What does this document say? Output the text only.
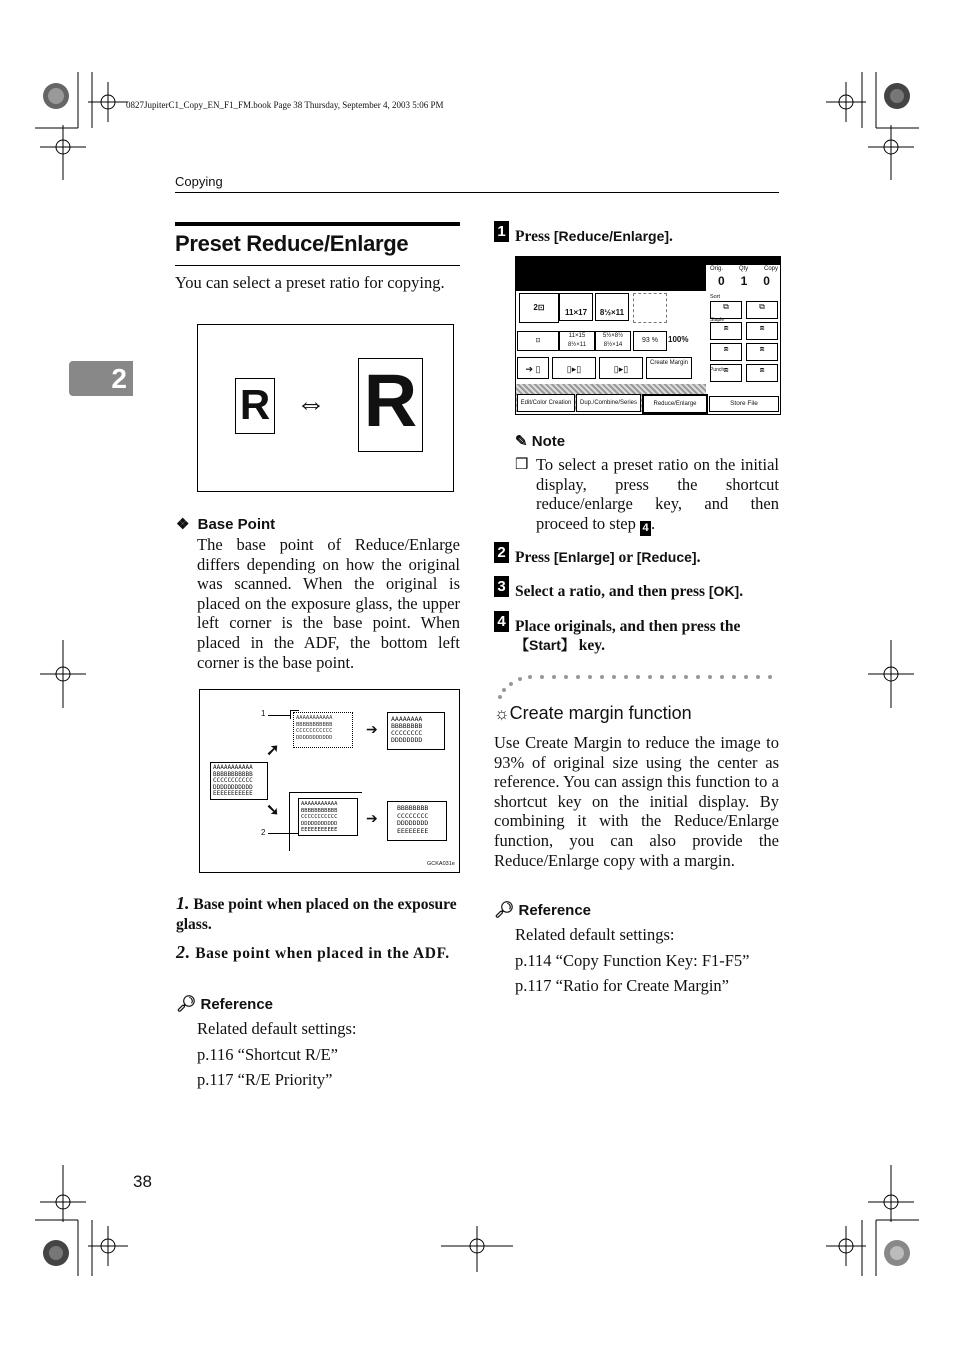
0827JupiterC1_Copy_EN_F1_FM.book Page 38 Thursday, September 4, 2003 5:06 PM
Copying
2
Preset Reduce/Enlarge
You can select a preset ratio for copying.
R ⇔ R
❖ Base Point
The base point of Reduce/Enlarge differs depending on how the original was scanned. When the original is placed on the exposure glass, the upper left corner is the base point. When placed in the ADF, the bottom left corner is the base point.
AAAAAAAAAAA
BBBBBBBBBBB
CCCCCCCCCCC
DDDDDDDDDDD
EEEEEEEEEEE
➚
AAAAAAAAAAA
BBBBBBBBBBB
CCCCCCCCCCC
DDDDDDDDDDD
1
➔
AAAAAAAA
BBBBBBBB
CCCCCCCC
DDDDDDDD
➘	AAAAAAAAAAA
BBBBBBBBBBB
CCCCCCCCCCC
DDDDDDDDDDD
EEEEEEEEEEE
2
➔
BBBBBBBB
CCCCCCCC
DDDDDDDD
EEEEEEEE
GCKA031e
1. Base point when placed on the exposure glass.
2. Base point when placed in the ADF.
🔎︎ Reference
Related default settings:
p.116 “Shortcut R/E”
p.117 “R/E Priority”
1 Press [Reduce/Enlarge].
Orig.	Qty	Copy
0 1 0
2⊡
11×17	8½×11
⊡
11×15
8½×11
5½×8½
8½×14
93 %	100%
➔ ▯	▯▸▯	▯▸▯
Create Margin
Edit/Color Creation	Dup./Combine/Series	Reduce/Enlarge
Sort
⧉	⧉
⧈	⧈
⧈	⧈
⧈	⧈
Staple
Punch
Store File
✎ Note
❒ To select a preset ratio on the initial display, press the shortcut reduce/enlarge key, and then proceed to step 4 .
2 Press [Enlarge] or [Reduce].
3 Select a ratio, and then press [OK].
4 Place originals, and then press the 【Start】 key.
☼Create margin function
Use Create Margin to reduce the image to 93% of original size using the center as reference. You can assign this function to a shortcut key on the initial display. By combining it with the Reduce/Enlarge function, you can also provide the Reduce/Enlarge copy with a margin.
🔎︎ Reference
Related default settings:
p.114 “Copy Function Key: F1-F5”
p.117 “Ratio for Create Margin”
38
